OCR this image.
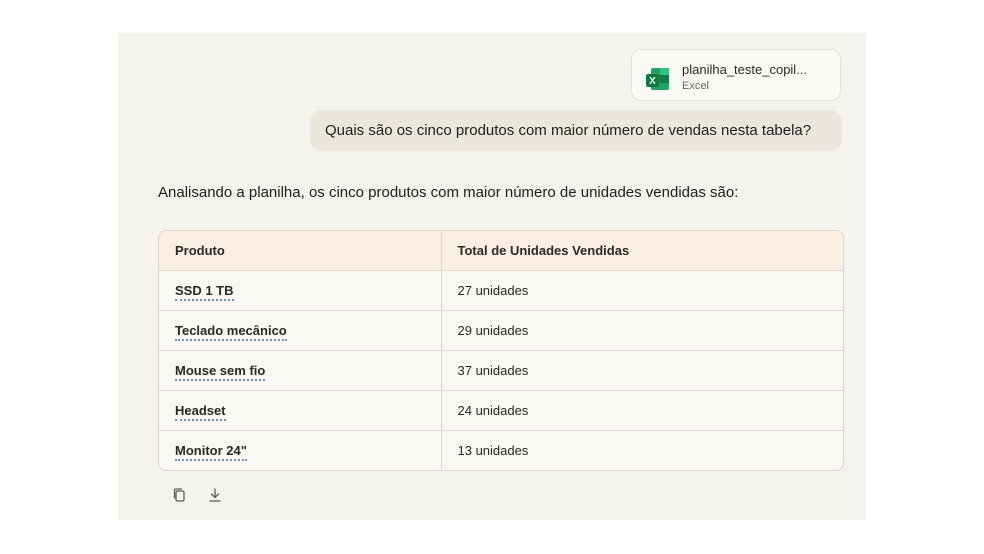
X
planilha_teste_copil...
Excel
Quais são os cinco produtos com maior número de vendas nesta tabela?
Analisando a planilha, os cinco produtos com maior número de unidades vendidas são:
Produto	Total de Unidades Vendidas
SSD 1 TB	27 unidades
Teclado mecânico	29 unidades
Mouse sem fio	37 unidades
Headset	24 unidades
Monitor 24"	13 unidades
